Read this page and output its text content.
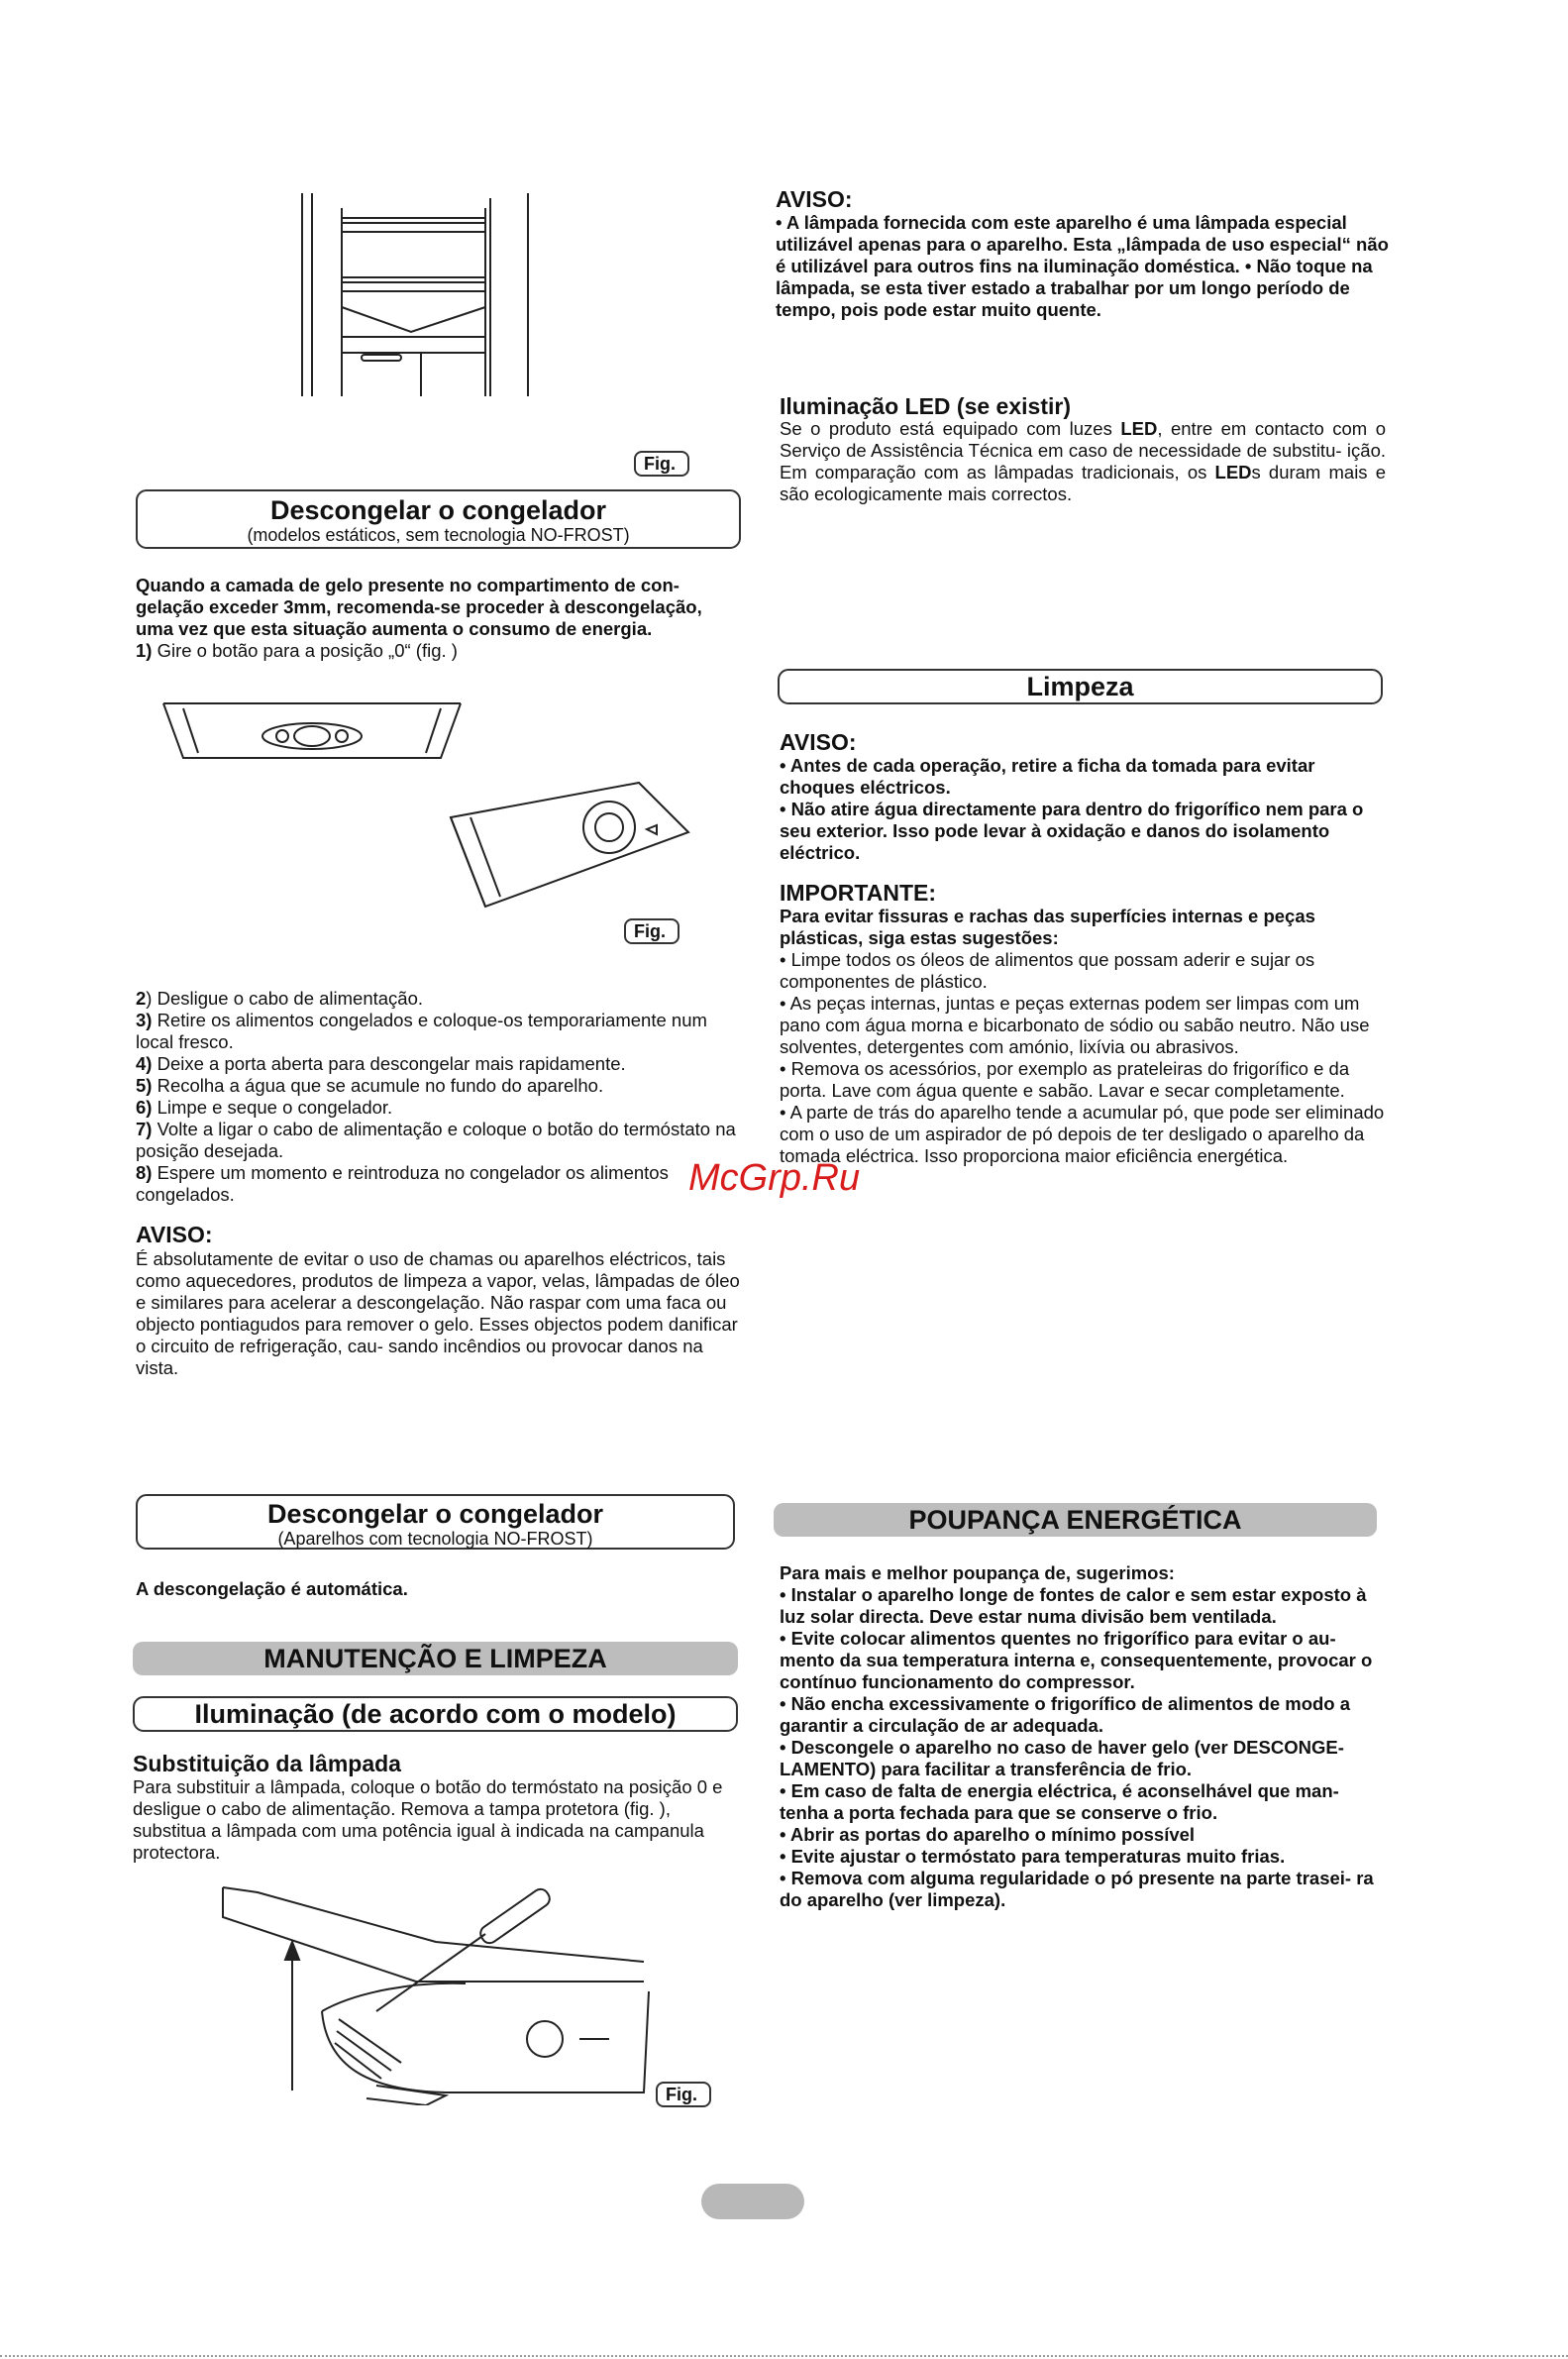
Fig.
Descongelar o congelador
(modelos estáticos, sem tecnologia NO-FROST)

Quando a camada de gelo presente no compartimento de con- gelação exceder 3mm, recomenda-se proceder à descongelação, uma vez que esta situação aumenta o consumo de energia.

1) Gire o botão para a posição „0“ (fig. )

Fig.

2) Desligue o cabo de alimentação.

3) Retire os alimentos congelados e coloque-os temporariamente num local fresco.

4) Deixe a porta aberta para descongelar mais rapidamente.

5) Recolha a água que se acumule no fundo do aparelho.

6) Limpe e seque o congelador.

7) Volte a ligar o cabo de alimentação e coloque o botão do termóstato na posição desejada.

8) Espere um momento e reintroduza no congelador os alimentos congelados.

AVISO:

É absolutamente de evitar o uso de chamas ou aparelhos eléctricos, tais como aquecedores, produtos de limpeza a vapor, velas, lâmpadas de óleo e similares para acelerar a descongelação. Não raspar com uma faca ou objecto pontiagudos para remover o gelo. Esses objectos podem danificar o circuito de refrigeração, cau- sando incêndios ou provocar danos na vista.

Descongelar o congelador
(Aparelhos com tecnologia NO-FROST)

A descongelação é automática.

MANUTENÇÃO E LIMPEZA
Iluminação (de acordo com o modelo)
Substituição da lâmpada

Para substituir a lâmpada, coloque o botão do termóstato na posição 0 e desligue o cabo de alimentação. Remova a tampa protetora (fig. ), substitua a lâmpada com uma potência igual à indicada na campanula protectora.

Fig.
AVISO:

• A lâmpada fornecida com este aparelho é uma lâmpada especial utilizável apenas para o aparelho. Esta „lâmpada de uso especial“ não é utilizável para outros fins na iluminação doméstica. • Não toque na lâmpada, se esta tiver estado a trabalhar por um longo período de tempo, pois pode estar muito quente.

Iluminação LED (se existir)

Se o produto está equipado com luzes LED, entre em contacto com o Serviço de Assistência Técnica em caso de necessidade de substitu- ição. Em comparação com as lâmpadas tradicionais, os LEDs duram mais e são ecologicamente mais correctos.

Limpeza
AVISO:

• Antes de cada operação, retire a ficha da tomada para evitar choques eléctricos.

• Não atire água directamente para dentro do frigorífico nem para o seu exterior. Isso pode levar à oxidação e danos do isolamento eléctrico.

IMPORTANTE:

Para evitar fissuras e rachas das superfícies internas e peças plásticas, siga estas sugestões:

• Limpe todos os óleos de alimentos que possam aderir e sujar os componentes de plástico.

• As peças internas, juntas e peças externas podem ser limpas com um pano com água morna e bicarbonato de sódio ou sabão neutro. Não use solventes, detergentes com amónio, lixívia ou abrasivos.

• Remova os acessórios, por exemplo as prateleiras do frigorífico e da porta. Lave com água quente e sabão. Lavar e secar completamente.

• A parte de trás do aparelho tende a acumular pó, que pode ser eliminado com o uso de um aspirador de pó depois de ter desligado o aparelho da tomada eléctrica. Isso proporciona maior eficiência energética.

POUPANÇA ENERGÉTICA

Para mais e melhor poupança de, sugerimos:

• Instalar o aparelho longe de fontes de calor e sem estar exposto à luz solar directa. Deve estar numa divisão bem ventilada.

• Evite colocar alimentos quentes no frigorífico para evitar o au- mento da sua temperatura interna e, consequentemente, provocar o contínuo funcionamento do compressor.

• Não encha excessivamente o frigorífico de alimentos de modo a garantir a circulação de ar adequada.

• Descongele o aparelho no caso de haver gelo (ver DESCONGE- LAMENTO) para facilitar a transferência de frio.

• Em caso de falta de energia eléctrica, é aconselhável que man- tenha a porta fechada para que se conserve o frio.

• Abrir as portas do aparelho o mínimo possível

• Evite ajustar o termóstato para temperaturas muito frias.

• Remova com alguma regularidade o pó presente na parte trasei- ra do aparelho (ver limpeza).

McGrp.Ru
